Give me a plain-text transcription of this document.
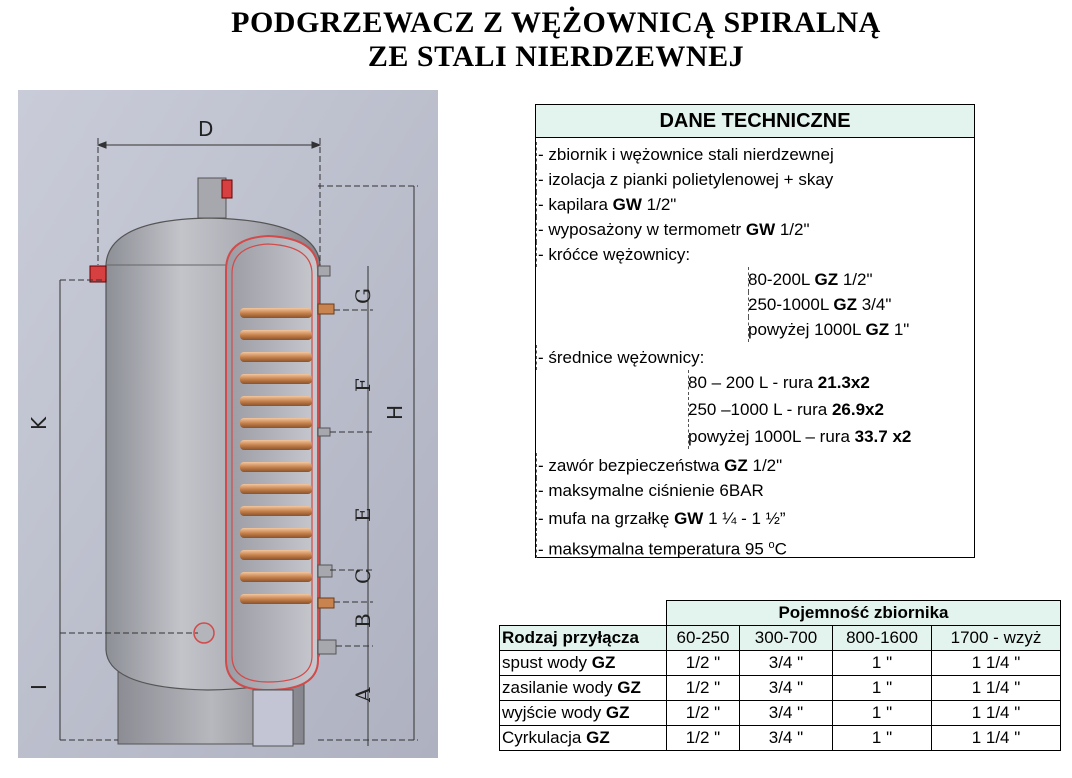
PODGRZEWACZ Z WĘŻOWNICĄ SPIRALNĄ
ZE STALI NIERDZEWNEJ
D
H
K
I
G
F
E
C
B
A
DANE TECHNICZNE
- zbiornik i wężownice stali nierdzewnej
- izolacja z pianki polietylenowej + skay
- kapilara GW 1/2"
- wyposażony w termometr GW 1/2"
- króćce wężownicy:
80-200L GZ 1/2"
250-1000L GZ 3/4"
powyżej 1000L GZ 1"
- średnice wężownicy:
80 – 200 L - rura 21.3x2
250 –1000 L - rura 26.9x2
powyżej 1000L – rura 33.7 x2
- zawór bezpieczeństwa GZ 1/2"
- maksymalne ciśnienie 6BAR
- mufa na grzałkę GW 1 ¼ - 1 ½”
- maksymalna temperatura 95 $^o$C
	Pojemność zbiornika			
Rodzaj przyłącza	60-250	300-700	800-1600	1700 - wzyż
spust wody GZ	1/2 "	3/4 "	1 "	1 1/4 "
zasilanie wody GZ	1/2 "	3/4 "	1 "	1 1/4 "
wyjście wody GZ	1/2 "	3/4 "	1 "	1 1/4 "
Cyrkulacja GZ	1/2 "	3/4 "	1 "	1 1/4 "
